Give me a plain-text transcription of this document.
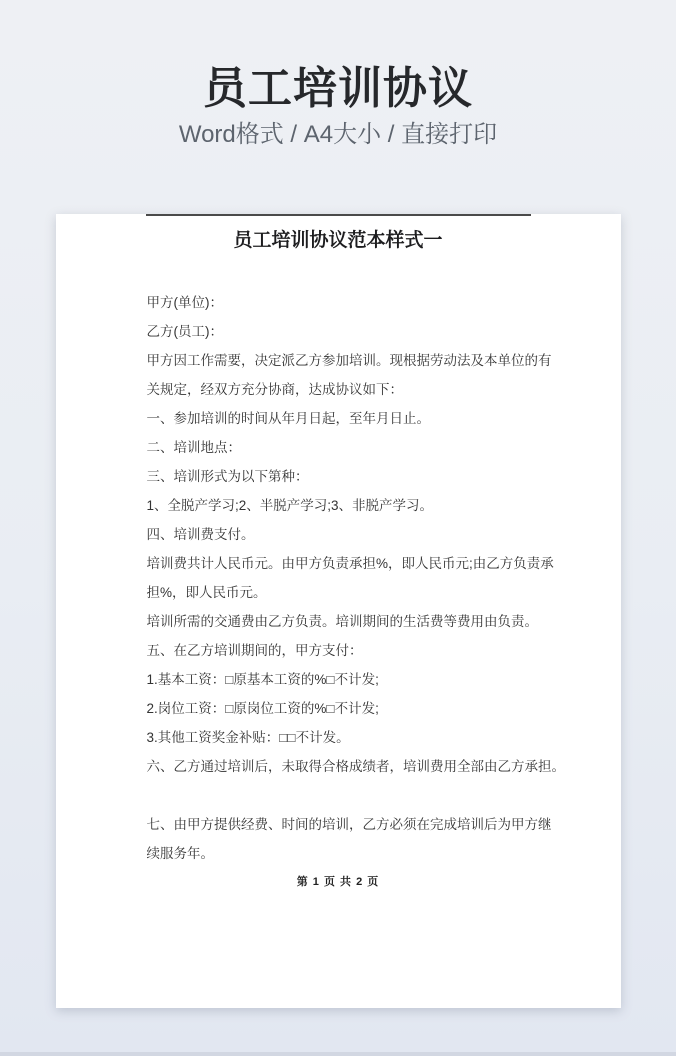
员工培训协议
Word格式 / A4大小 / 直接打印
员工培训协议范本样式一
甲方(单位)：
乙方(员工)：
甲方因工作需要，决定派乙方参加培训。现根据劳动法及本单位的有
关规定，经双方充分协商，达成协议如下：
一、参加培训的时间从年月日起，至年月日止。
二、培训地点：
三、培训形式为以下第种：
1、全脱产学习;2、半脱产学习;3、非脱产学习。
四、培训费支付。
培训费共计人民币元。由甲方负责承担%，即人民币元;由乙方负责承
担%，即人民币元。
培训所需的交通费由乙方负责。培训期间的生活费等费用由负责。
五、在乙方培训期间的，甲方支付：
1.基本工资：□原基本工资的%□不计发;
2.岗位工资：□原岗位工资的%□不计发;
3.其他工资奖金补贴：□□不计发。
六、乙方通过培训后，未取得合格成绩者，培训费用全部由乙方承担。
七、由甲方提供经费、时间的培训，乙方必须在完成培训后为甲方继
续服务年。
第 1 页 共 2 页
